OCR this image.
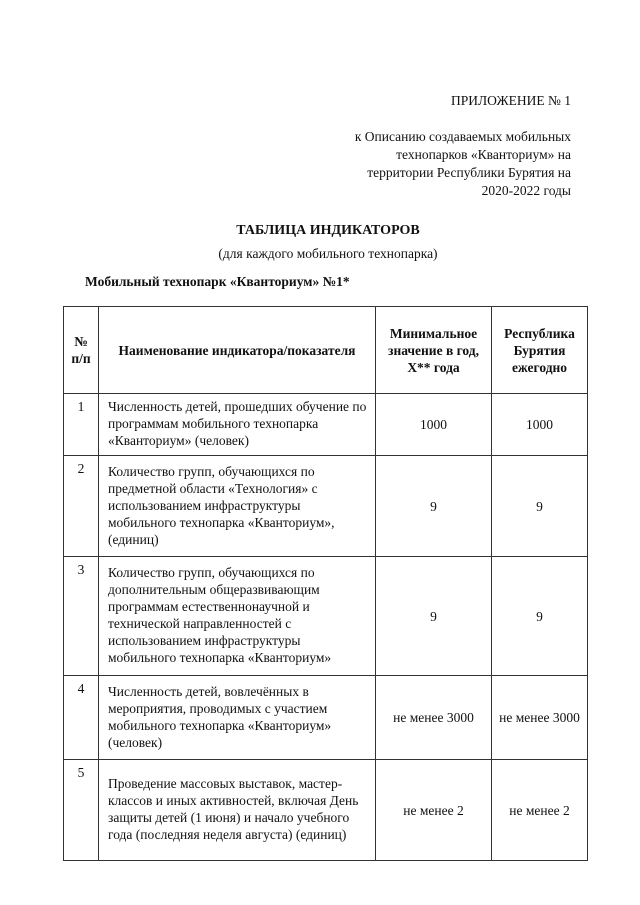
ПРИЛОЖЕНИЕ № 1
к Описанию создаваемых мобильных
технопарков «Кванториум» на
территории Республики Бурятия на
2020-2022 годы
ТАБЛИЦА ИНДИКАТОРОВ
(для каждого мобильного технопарка)
Мобильный технопарк «Кванториум» №1*
№ п/п	Наименование индикатора/показателя	Минимальное значение в год, Х** года	Республика Бурятия ежегодно
1	Численность детей, прошедших обучение по программам мобильного технопарка «Кванториум» (человек)	1000	1000
2	Количество групп, обучающихся по предметной области «Технология» с использованием инфраструктуры мобильного технопарка «Кванториум», (единиц)	9	9
3	Количество групп, обучающихся по дополнительным общеразвивающим программам естественнонаучной и технической направленностей с использованием инфраструктуры мобильного технопарка «Кванториум»	9	9
4	Численность детей, вовлечённых в мероприятия, проводимых с участием мобильного технопарка «Кванториум» (человек)	не менее 3000	не менее 3000
5	Проведение массовых выставок, мастер- классов и иных активностей, включая День защиты детей (1 июня) и начало учебного года (последняя неделя августа) (единиц)	не менее 2	не менее 2
